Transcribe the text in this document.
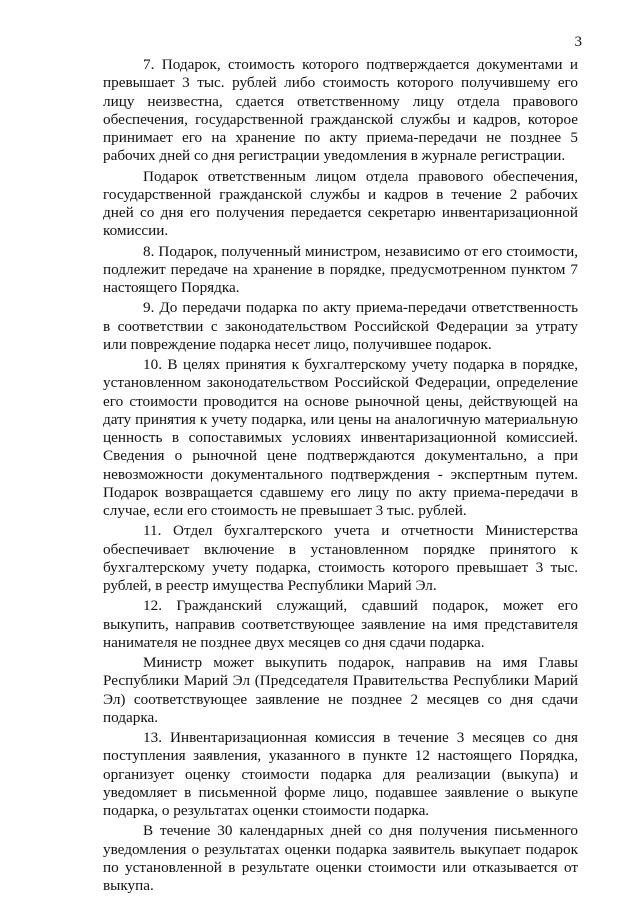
3

7. Подарок, стоимость которого подтверждается документами и превышает 3 тыс. рублей либо стоимость которого получившему его лицу неизвестна, сдается ответственному лицу отдела правового обеспечения, государственной гражданской службы и кадров, которое принимает его на хранение по акту приема-передачи не позднее 5 рабочих дней со дня регистрации уведомления в журнале регистрации.

Подарок ответственным лицом отдела правового обеспечения, государственной гражданской службы и кадров в течение 2 рабочих дней со дня его получения передается секретарю инвентаризационной комиссии.

8. Подарок, полученный министром, независимо от его стоимости, подлежит передаче на хранение в порядке, предусмотренном пунктом 7 настоящего Порядка.

9. До передачи подарка по акту приема-передачи ответственность в соответствии с законодательством Российской Федерации за утрату или повреждение подарка несет лицо, получившее подарок.

10. В целях принятия к бухгалтерскому учету подарка в порядке, установленном законодательством Российской Федерации, определение его стоимости проводится на основе рыночной цены, действующей на дату принятия к учету подарка, или цены на аналогичную материальную ценность в сопоставимых условиях инвентаризационной комиссией. Сведения о рыночной цене подтверждаются документально, а при невозможности документального подтверждения - экспертным путем. Подарок возвращается сдавшему его лицу по акту приема-передачи в случае, если его стоимость не превышает 3 тыс. рублей.

11. Отдел бухгалтерского учета и отчетности Министерства обеспечивает включение в установленном порядке принятого к бухгалтерскому учету подарка, стоимость которого превышает 3 тыс. рублей, в реестр имущества Республики Марий Эл.

12. Гражданский служащий, сдавший подарок, может его выкупить, направив соответствующее заявление на имя представителя нанимателя не позднее двух месяцев со дня сдачи подарка.

Министр может выкупить подарок, направив на имя Главы Республики Марий Эл (Председателя Правительства Республики Марий Эл) соответствующее заявление не позднее 2 месяцев со дня сдачи подарка.

13. Инвентаризационная комиссия в течение 3 месяцев со дня поступления заявления, указанного в пункте 12 настоящего Порядка, организует оценку стоимости подарка для реализации (выкупа) и уведомляет в письменной форме лицо, подавшее заявление о выкупе подарка, о результатах оценки стоимости подарка.

В течение 30 календарных дней со дня получения письменного уведомления о результатах оценки подарка заявитель выкупает подарок по установленной в результате оценки стоимости или отказывается от выкупа.
